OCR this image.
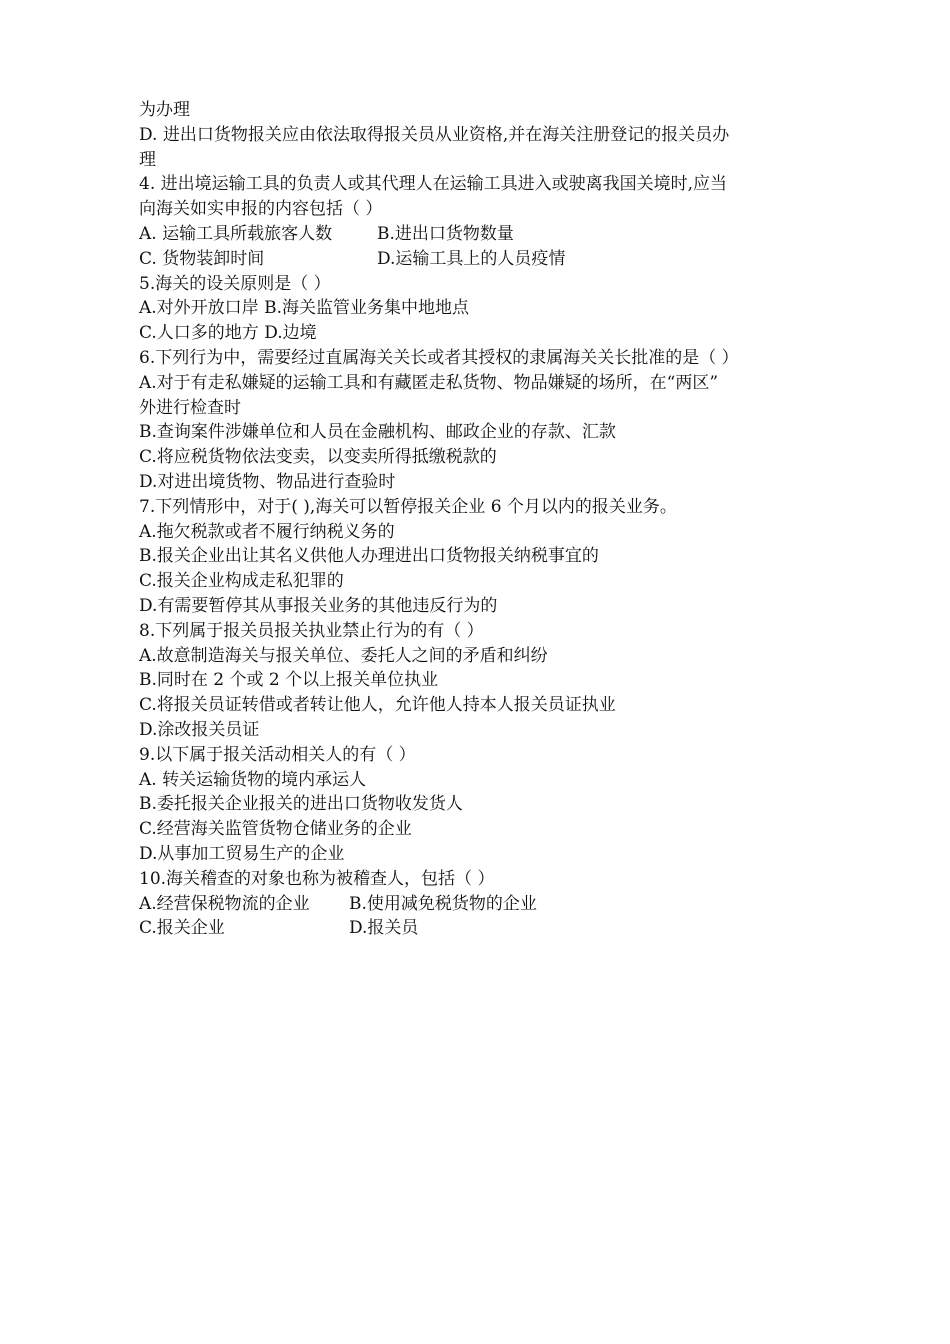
为办理
D. 进出口货物报关应由依法取得报关员从业资格,并在海关注册登记的报关员办
理
4. 进出境运输工具的负责人或其代理人在运输工具进入或驶离我国关境时,应当
向海关如实申报的内容包括（ ）
A. 运输工具所载旅客人数	B.进出口货物数量
C. 货物装卸时间	D.运输工具上的人员疫情
5.海关的设关原则是（ ）
A.对外开放口岸 B.海关监管业务集中地地点
C.人口多的地方 D.边境
6.下列行为中，需要经过直属海关关长或者其授权的隶属海关关长批准的是（ ）
A.对于有走私嫌疑的运输工具和有藏匿走私货物、物品嫌疑的场所，在“两区”
外进行检查时
B.查询案件涉嫌单位和人员在金融机构、邮政企业的存款、汇款
C.将应税货物依法变卖，以变卖所得抵缴税款的
D.对进出境货物、物品进行查验时
7.下列情形中，对于( ),海关可以暂停报关企业 6 个月以内的报关业务。
A.拖欠税款或者不履行纳税义务的
B.报关企业出让其名义供他人办理进出口货物报关纳税事宜的
C.报关企业构成走私犯罪的
D.有需要暂停其从事报关业务的其他违反行为的
8.下列属于报关员报关执业禁止行为的有（ ）
A.故意制造海关与报关单位、委托人之间的矛盾和纠纷
B.同时在 2 个或 2 个以上报关单位执业
C.将报关员证转借或者转让他人，允许他人持本人报关员证执业
D.涂改报关员证
9.以下属于报关活动相关人的有（ ）
A. 转关运输货物的境内承运人
B.委托报关企业报关的进出口货物收发货人
C.经营海关监管货物仓储业务的企业
D.从事加工贸易生产的企业
10.海关稽查的对象也称为被稽查人，包括（ ）
A.经营保税物流的企业	B.使用减免税货物的企业
C.报关企业	D.报关员
